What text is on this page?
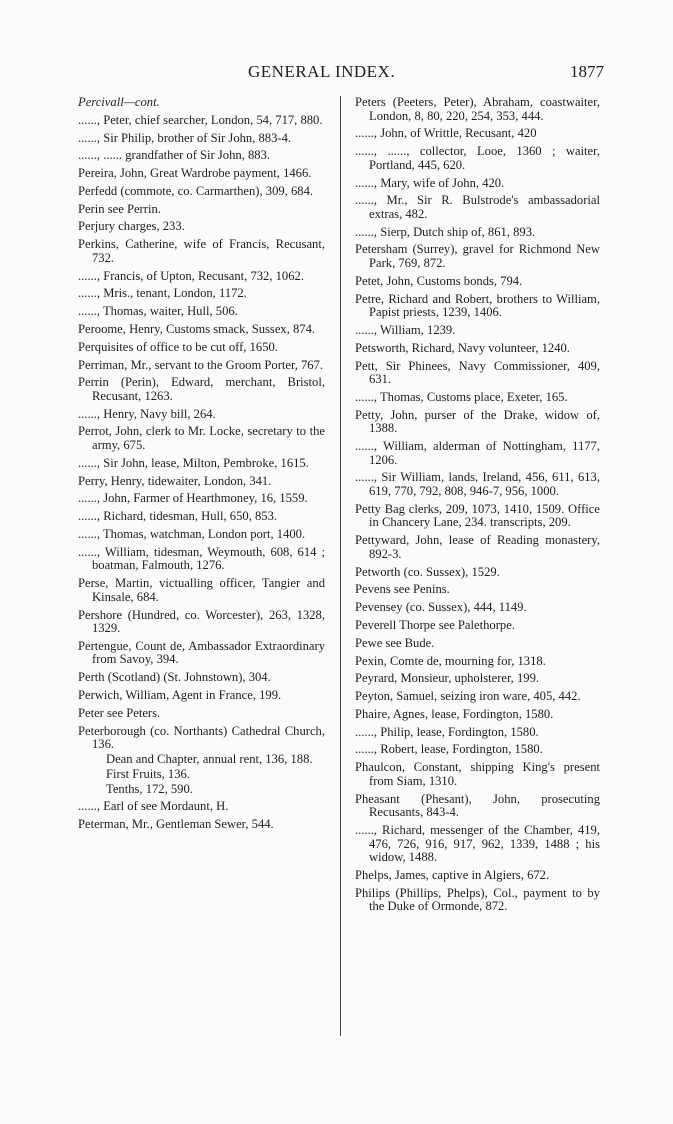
GENERAL INDEX.	1877

Percivall—cont.

......, Peter, chief searcher, London, 54, 717, 880.

......, Sir Philip, brother of Sir John, 883-4.

......, ...... grandfather of Sir John, 883.

Pereira, John, Great Wardrobe payment, 1466.

Perfedd (commote, co. Carmarthen), 309, 684.

Perin see Perrin.

Perjury charges, 233.

Perkins, Catherine, wife of Francis, Recusant, 732.

......, Francis, of Upton, Recusant, 732, 1062.

......, Mris., tenant, London, 1172.

......, Thomas, waiter, Hull, 506.

Peroome, Henry, Customs smack, Sussex, 874.

Perquisites of office to be cut off, 1650.

Perriman, Mr., servant to the Groom Porter, 767.

Perrin (Perin), Edward, merchant, Bristol, Recusant, 1263.

......, Henry, Navy bill, 264.

Perrot, John, clerk to Mr. Locke, secretary to the army, 675.

......, Sir John, lease, Milton, Pembroke, 1615.

Perry, Henry, tidewaiter, London, 341.

......, John, Farmer of Hearthmoney, 16, 1559.

......, Richard, tidesman, Hull, 650, 853.

......, Thomas, watchman, London port, 1400.

......, William, tidesman, Weymouth, 608, 614 ; boatman, Falmouth, 1276.

Perse, Martin, victualling officer, Tangier and Kinsale, 684.

Pershore (Hundred, co. Worcester), 263, 1328, 1329.

Pertengue, Count de, Ambassador Extraordinary from Savoy, 394.

Perth (Scotland) (St. Johnstown), 304.

Perwich, William, Agent in France, 199.

Peter see Peters.

Peterborough (co. Northants) Cathedral Church, 136.

Dean and Chapter, annual rent, 136, 188.

First Fruits, 136.

Tenths, 172, 590.

......, Earl of see Mordaunt, H.

Peterman, Mr., Gentleman Sewer, 544.

Peters (Peeters, Peter), Abraham, coastwaiter, London, 8, 80, 220, 254, 353, 444.

......, John, of Writtle, Recusant, 420

......, ......, collector, Looe, 1360 ; waiter, Portland, 445, 620.

......, Mary, wife of John, 420.

......, Mr., Sir R. Bulstrode's ambassadorial extras, 482.

......, Sierp, Dutch ship of, 861, 893.

Petersham (Surrey), gravel for Richmond New Park, 769, 872.

Petet, John, Customs bonds, 794.

Petre, Richard and Robert, brothers to William, Papist priests, 1239, 1406.

......, William, 1239.

Petsworth, Richard, Navy volunteer, 1240.

Pett, Sir Phinees, Navy Commissioner, 409, 631.

......, Thomas, Customs place, Exeter, 165.

Petty, John, purser of the Drake, widow of, 1388.

......, William, alderman of Nottingham, 1177, 1206.

......, Sir William, lands, Ireland, 456, 611, 613, 619, 770, 792, 808, 946-7, 956, 1000.

Petty Bag clerks, 209, 1073, 1410, 1509. Office in Chancery Lane, 234. transcripts, 209.

Pettyward, John, lease of Reading monastery, 892-3.

Petworth (co. Sussex), 1529.

Pevens see Penins.

Pevensey (co. Sussex), 444, 1149.

Peverell Thorpe see Palethorpe.

Pewe see Bude.

Pexin, Comte de, mourning for, 1318.

Peyrard, Monsieur, upholsterer, 199.

Peyton, Samuel, seizing iron ware, 405, 442.

Phaire, Agnes, lease, Fordington, 1580.

......, Philip, lease, Fordington, 1580.

......, Robert, lease, Fordington, 1580.

Phaulcon, Constant, shipping King's present from Siam, 1310.

Pheasant (Phesant), John, prosecuting Recusants, 843-4.

......, Richard, messenger of the Chamber, 419, 476, 726, 916, 917, 962, 1339, 1488 ; his widow, 1488.

Phelps, James, captive in Algiers, 672.

Philips (Phillips, Phelps), Col., payment to by the Duke of Ormonde, 872.
